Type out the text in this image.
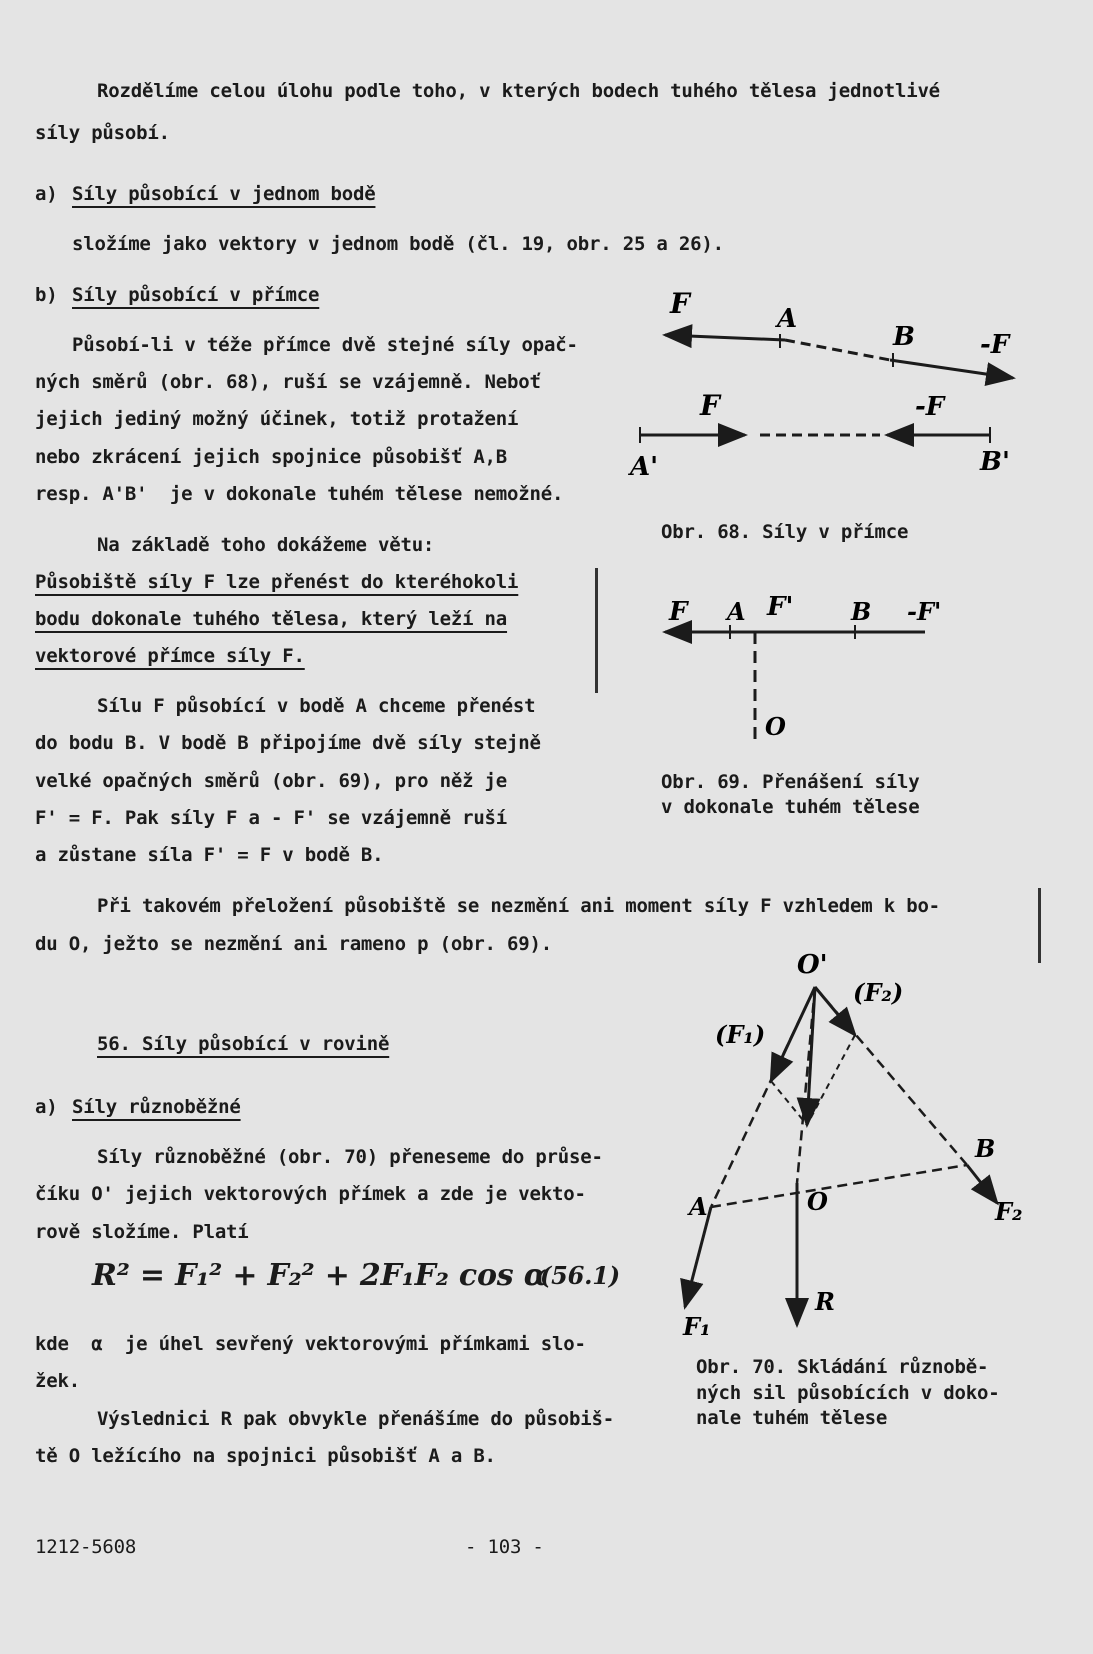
Rozdělíme celou úlohu podle toho, v kterých bodech tuhého tělesa jednotlivé
síly působí.
a) Síly působící v jednom bodě
složíme jako vektory v jednom bodě (čl. 19, obr. 25 a 26).
b) Síly působící v přímce
Působí-li v téže přímce dvě stejné síly opač-
ných směrů (obr. 68), ruší se vzájemně. Neboť
jejich jediný možný účinek, totiž protažení
nebo zkrácení jejich spojnice působišť A,B
resp. A'B'  je v dokonale tuhém tělese nemožné.
Na základě toho dokážeme větu:
Působiště síly F lze přenést do kteréhokoli
bodu dokonale tuhého tělesa, který leží na
vektorové přímce síly F.
Sílu F působící v bodě A chceme přenést
do bodu B. V bodě B připojíme dvě síly stejně
velké opačných směrů (obr. 69), pro něž je
F' = F. Pak síly F a - F' se vzájemně ruší
a zůstane síla F' = F v bodě B.
Při takovém přeložení působiště se nezmění ani moment síly F vzhledem k bo-
du O, ježto se nezmění ani rameno p (obr. 69).
Obr. 68. Síly v přímce
Obr. 69. Přenášení síly
v dokonale tuhém tělese
Obr. 70. Skládání různobě-
ných sil působících v doko-
nale tuhém tělese
56. Síly působící v rovině
a) Síly různoběžné
Síly různoběžné (obr. 70) přeneseme do průse-
číku O' jejich vektorových přímek a zde je vekto-
rově složíme. Platí
R² = F₁² + F₂² + 2F₁F₂ cos α
(56.1)
kde  α  je úhel sevřený vektorovými přímkami slo-
žek.
Výslednici R pak obvykle přenášíme do působiš-
tě O ležícího na spojnici působišť A a B.
1212-5608	- 103 -
F	A
B	-F
F	-F
A'	B'
F A F' B -F'
O
O'
(F₂)
(F₁)
A
B
O
F₁
F₂
R
